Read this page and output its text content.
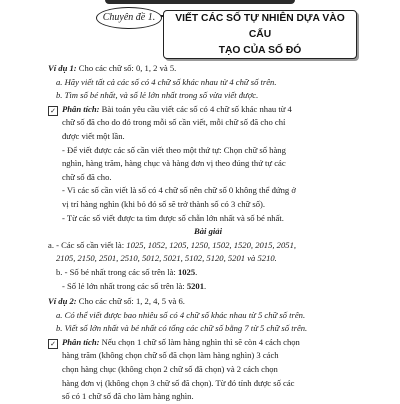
Chuyên đề 1.	VIẾT CÁC SỐ TỰ NHIÊN DỰA VÀO CẤU
TẠO CỦA SỐ ĐÓ
Ví dụ 1: Cho các chữ số: 0, 1, 2 và 5.
a. Hãy viết tất cả các số có 4 chữ số khác nhau từ 4 chữ số trên.
b. Tìm số bé nhất, và số lẻ lớn nhất trong số vừa viết được.
✓ Phân tích: Bài toán yêu cầu viết các số có 4 chữ số khác nhau từ 4
chữ số đã cho do đó trong mỗi số cần viết, mỗi chữ số đã cho chỉ
được viết một lần.
- Để viết được các số cần viết theo một thứ tự: Chọn chữ số hàng
nghìn, hàng trăm, hàng chục và hàng đơn vị theo đúng thứ tự các
chữ số đã cho.
- Vì các số cần viết là số có 4 chữ số nên chữ số 0 không thể đứng ở
vị trí hàng nghìn (khi bỏ đó số sẽ trở thành số có 3 chữ số).
- Từ các số viết được ta tìm được số chẵn lớn nhất và số bé nhất.
Bài giải
a. - Các số cần viết là: 1025, 1052, 1205, 1250, 1502, 1520, 2015, 2051,
2105, 2150, 2501, 2510, 5012, 5021, 5102, 5120, 5201 và 5210.
b. - Số bé nhất trong các số trên là: 1025.
- Số lẻ lớn nhất trong các số trên là: 5201.
Ví dụ 2: Cho các chữ số: 1, 2, 4, 5 và 6.
a. Có thể viết được bao nhiêu số có 4 chữ số khác nhau từ 5 chữ số trên.
b. Viết số lớn nhất và bé nhất có tổng các chữ số bằng 7 từ 5 chữ số trên.
✓ Phân tích: Nếu chọn 1 chữ số làm hàng nghìn thì sẽ còn 4 cách chọn
hàng trăm (không chọn chữ số đã chọn làm hàng nghìn) 3 cách
chọn hàng chục (không chọn 2 chữ số đã chọn) và 2 cách chọn
hàng đơn vị (không chọn 3 chữ số đã chọn). Từ đó tính được số các
số có 1 chữ số đã cho làm hàng nghìn.
